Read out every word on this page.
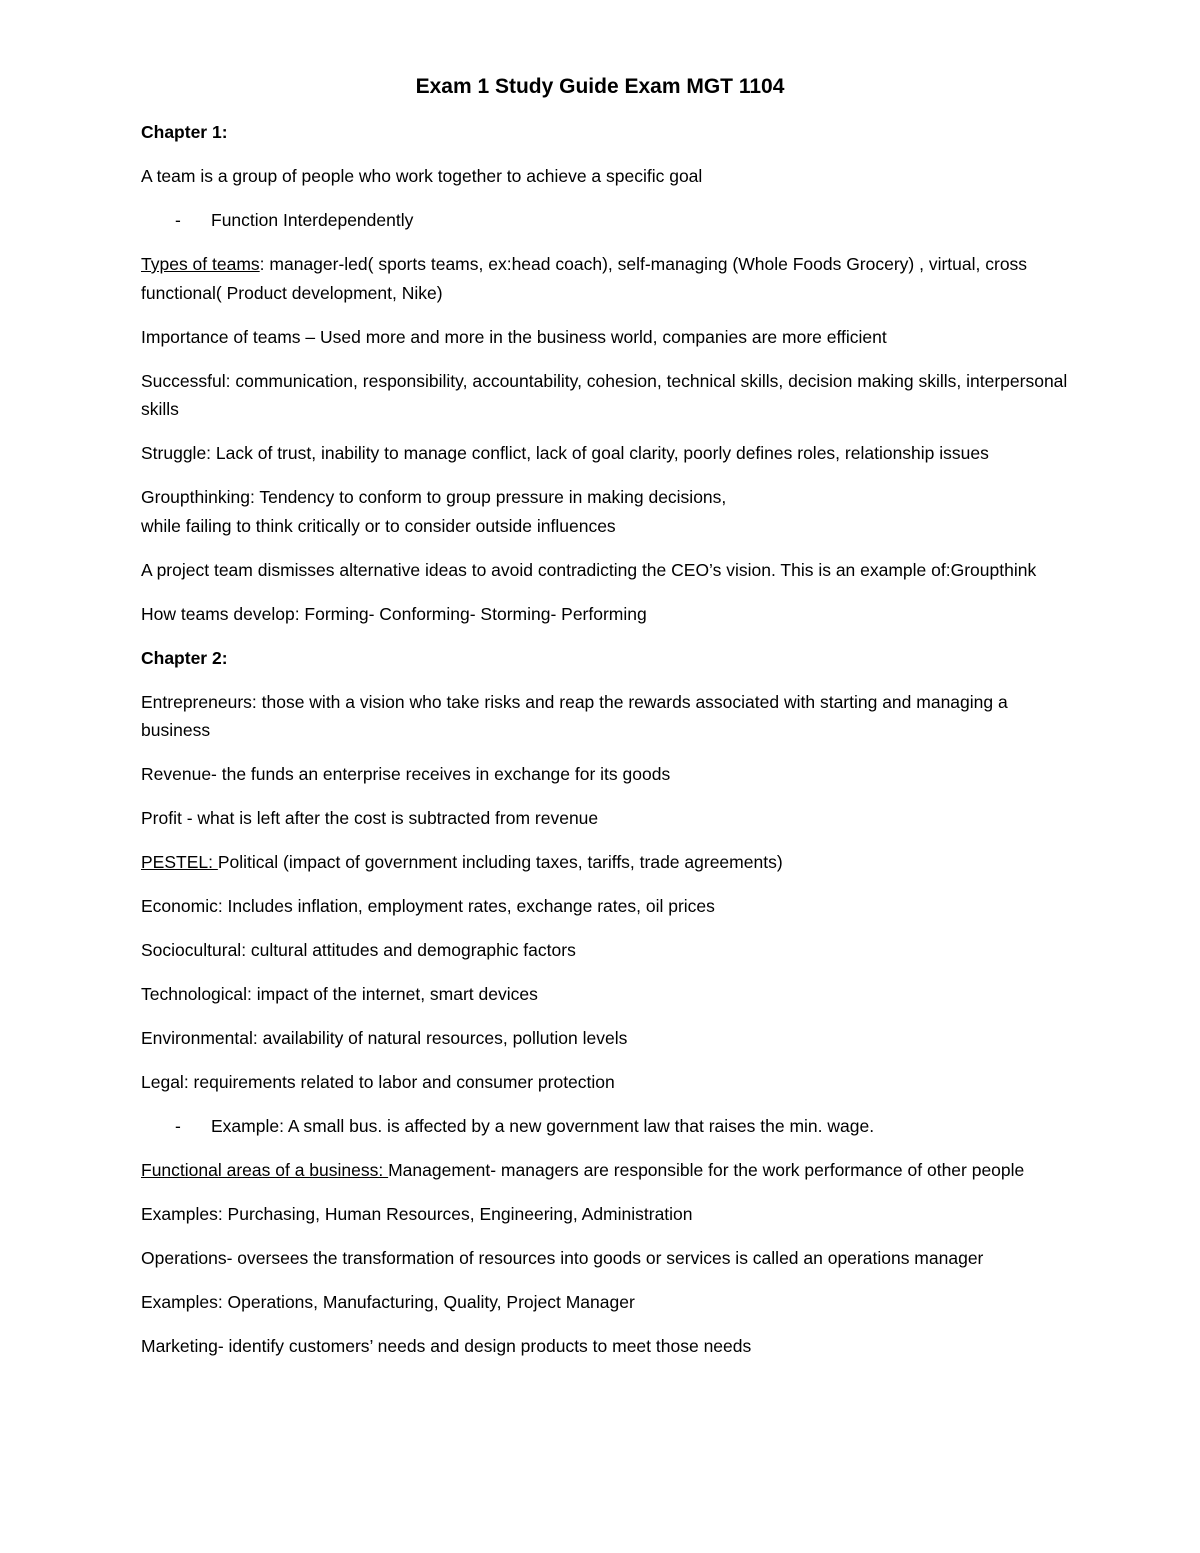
Exam 1 Study Guide Exam MGT 1104

Chapter 1:

A team is a group of people who work together to achieve a specific goal

-	Function Interdependently

Types of teams: manager-led( sports teams, ex:head coach), self-managing (Whole Foods Grocery) , virtual, cross functional( Product development, Nike)

Importance of teams – Used more and more in the business world, companies are more efficient

Successful: communication, responsibility, accountability, cohesion, technical skills, decision making skills, interpersonal skills

Struggle: Lack of trust, inability to manage conflict, lack of goal clarity, poorly defines roles, relationship issues

Groupthinking: Tendency to conform to group pressure in making decisions,
while failing to think critically or to consider outside influences

A project team dismisses alternative ideas to avoid contradicting the CEO’s vision. This is an example of:Groupthink

How teams develop: Forming- Conforming- Storming- Performing

Chapter 2:

Entrepreneurs: those with a vision who take risks and reap the rewards associated with starting and managing a business

Revenue- the funds an enterprise receives in exchange for its goods

Profit - what is left after the cost is subtracted from revenue

PESTEL: Political (impact of government including taxes, tariffs, trade agreements)

Economic: Includes inflation, employment rates, exchange rates, oil prices

Sociocultural: cultural attitudes and demographic factors

Technological: impact of the internet, smart devices

Environmental: availability of natural resources, pollution levels

Legal: requirements related to labor and consumer protection

-	Example: A small bus. is affected by a new government law that raises the min. wage.

Functional areas of a business: Management- managers are responsible for the work performance of other people

Examples: Purchasing, Human Resources, Engineering, Administration

Operations- oversees the transformation of resources into goods or services is called an operations manager

Examples: Operations, Manufacturing, Quality, Project Manager

Marketing- identify customers’ needs and design products to meet those needs
